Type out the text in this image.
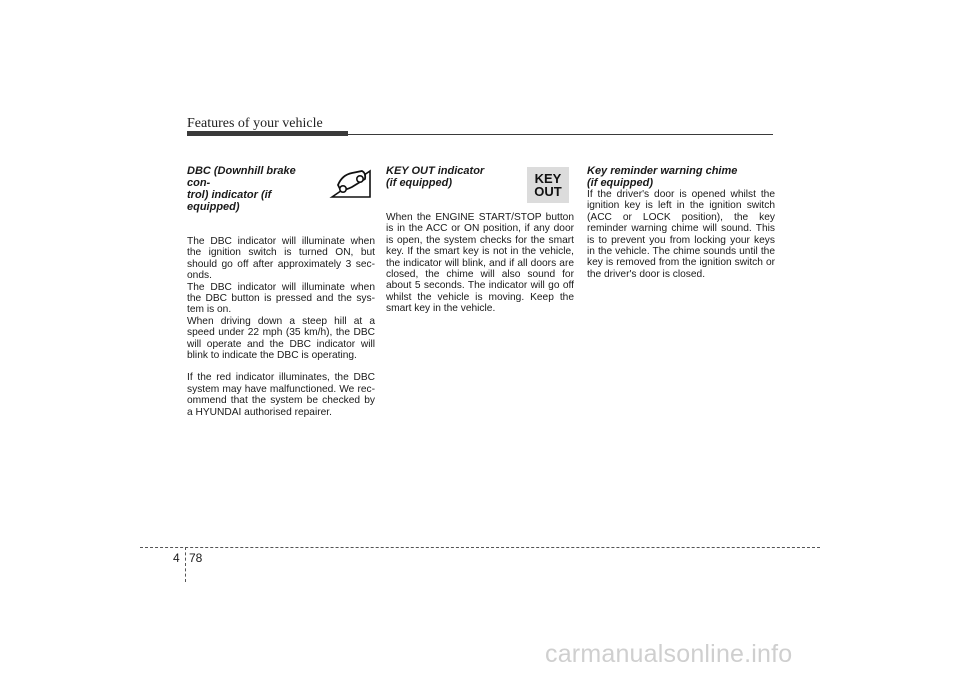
Features of your vehicle
DBC (Downhill brake con-
trol) indicator (if equipped)

The DBC indicator will illuminate when the ignition switch is turned ON, but should go off after approximately 3 sec-onds.

The DBC indicator will illuminate when the DBC button is pressed and the sys-tem is on.

When driving down a steep hill at a speed under 22 mph (35 km/h), the DBC will operate and the DBC indicator will blink to indicate the DBC is operating.

If the red indicator illuminates, the DBC system may have malfunctioned. We rec-ommend that the system be checked by a HYUNDAI authorised repairer.

KEY OUT indicator
(if equipped)

When the ENGINE START/STOP button is in the ACC or ON position, if any door is open, the system checks for the smart key. If the smart key is not in the vehicle, the indicator will blink, and if all doors are closed, the chime will also sound for about 5 seconds. The indicator will go off whilst the vehicle is moving. Keep the smart key in the vehicle.

KEY
OUT
Key reminder warning chime
(if equipped)

If the driver's door is opened whilst the ignition key is left in the ignition switch (ACC or LOCK position), the key reminder warning chime will sound. This is to prevent you from locking your keys in the vehicle. The chime sounds until the key is removed from the ignition switch or the driver's door is closed.

4 78
carmanualsonline.info
